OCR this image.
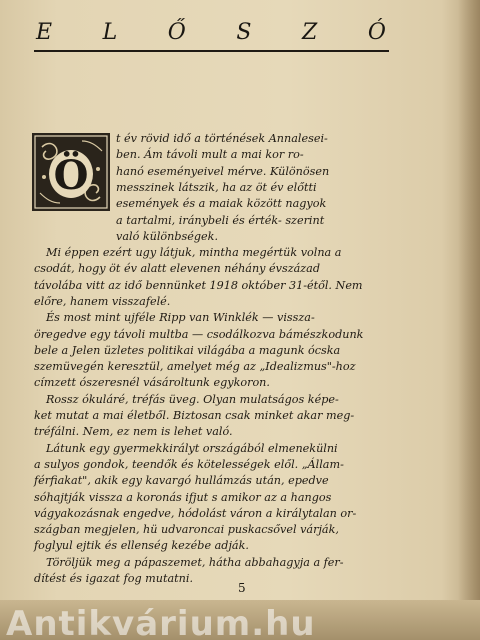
E L Ő S Z Ó
Ö
t év rövid idő a történések Annalesei-
ben. Ám távoli mult a mai kor ro-
hanó eseményeivel mérve. Különösen
messzinek látszik, ha az öt év előtti
események és a maiak között nagyok
a tartalmi, iránybeli és érték- szerint
való különbségek.
Mi éppen ezért ugy látjuk, mintha megértük volna a
csodát, hogy öt év alatt elevenen néhány évszázad
távolába vitt az idő bennünket 1918 október 31-étől. Nem
előre, hanem visszafelé.
És most mint ujféle Ripp van Winklék — vissza-
öregedve egy távoli multba — csodálkozva bámészkodunk
bele a Jelen üzletes politikai világába a magunk ócska
szemüvegén keresztül, amelyet még az „Idealizmus"-hoz
címzett ószeresnél vásároltunk egykoron.
Rossz ókuláré, tréfás üveg. Olyan mulatságos képe-
ket mutat a mai életből. Biztosan csak minket akar meg-
tréfálni. Nem, ez nem is lehet való.
Látunk egy gyermekkirályt országából elmenekülni
a sulyos gondok, teendők és kötelességek elől. „Állam-
férfiakat", akik egy kavargó hullámzás után, epedve
sóhajtják vissza a koronás ifjut s amikor az a hangos
vágyakozásnak engedve, hódolást váron a királytalan or-
szágban megjelen, hü udvaroncai puskacsővel várják,
foglyul ejtik és ellenség kezébe adják.
Töröljük meg a pápaszemet, hátha abbahagyja a fer-
dítést és igazat fog mutatni.
5
Antikvárium.hu
